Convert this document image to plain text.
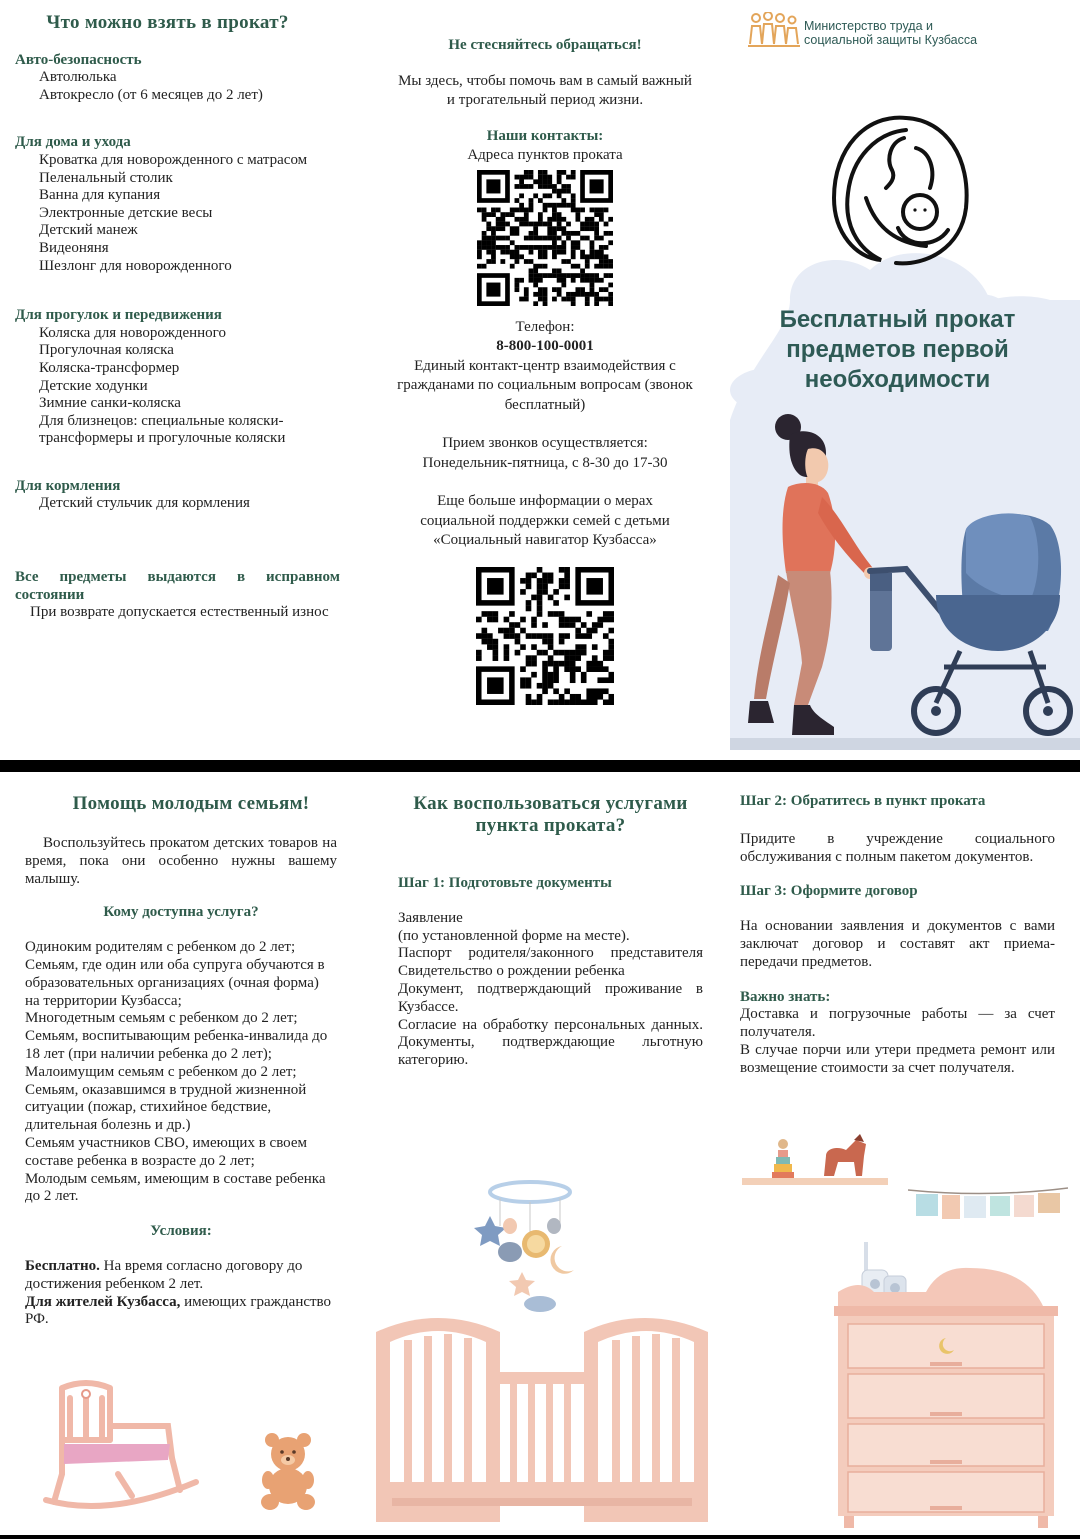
Что можно взять в прокат?
Авто-безопасность
Автолюлька
Автокресло (от 6 месяцев до 2 лет)
Для дома и ухода
Кроватка для новорожденного с матрасом
Пеленальный столик
Ванна для купания
Электронные детские весы
Детский манеж
Видеоняня
Шезлонг для новорожденного
Для прогулок и передвижения
Коляска для новорожденного
Прогулочная коляска
Коляска-трансформер
Детские ходунки
Зимние санки-коляска
Для близнецов: специальные коляски-трансформеры и прогулочные коляски
Для кормления
Детский стульчик для кормления
Все предметы выдаются в исправном состоянии
При возврате допускается естественный износ
Не стесняйтесь обращаться!
Мы здесь, чтобы помочь вам в самый важный и трогательный период жизни.
Наши контакты:
Адреса пунктов проката
Телефон:
8-800-100-0001
Единый контакт-центр взаимодействия с гражданами по социальным вопросам (звонок бесплатный)
Прием звонков осуществляется:
Понедельник-пятница, с 8-30 до 17-30
Еще больше информации о мерах социальной поддержки семей с детьми «Социальный навигатор Кузбасса»
Министерство труда и
социальной защиты Кузбасса
Бесплатный прокат
предметов первой
необходимости
Помощь молодым семьям!
Воспользуйтесь прокатом детских товаров на время, пока они особенно нужны вашему малышу.
Кому доступна услуга?
Одиноким родителям с ребенком до 2 лет;
Семьям, где один или оба супруга обучаются в образовательных организациях (очная форма) на территории Кузбасса;
Многодетным семьям с ребенком до 2 лет;
Семьям, воспитывающим ребенка-инвалида до 18 лет (при наличии ребенка до 2 лет);
Малоимущим семьям с ребенком до 2 лет;
Семьям, оказавшимся в трудной жизненной ситуации (пожар, стихийное бедствие, длительная болезнь и др.)
Семьям участников СВО, имеющих в своем составе ребенка в возрасте до 2 лет;
Молодым семьям, имеющим в составе ребенка до 2 лет.
Условия:
Бесплатно. На время согласно договору до достижения ребенком 2 лет.
Для жителей Кузбасса, имеющих гражданство РФ.
Как воспользоваться услугами пункта проката?
Шаг 1: Подготовьте документы
Заявление
(по установленной форме на месте).
Паспорт родителя/законного представителя
Свидетельство о рождении ребенка
Документ, подтверждающий проживание в Кузбассе.
Согласие на обработку персональных данных. Документы, подтверждающие льготную категорию.
Шаг 2: Обратитесь в пункт проката
Придите в учреждение социального обслуживания с полным пакетом документов.
Шаг 3: Оформите договор
На основании заявления и документов с вами заключат договор и составят акт приема-передачи предметов.
Важно знать:
Доставка и погрузочные работы — за счет получателя.
В случае порчи или утери предмета ремонт или возмещение стоимости за счет получателя.
